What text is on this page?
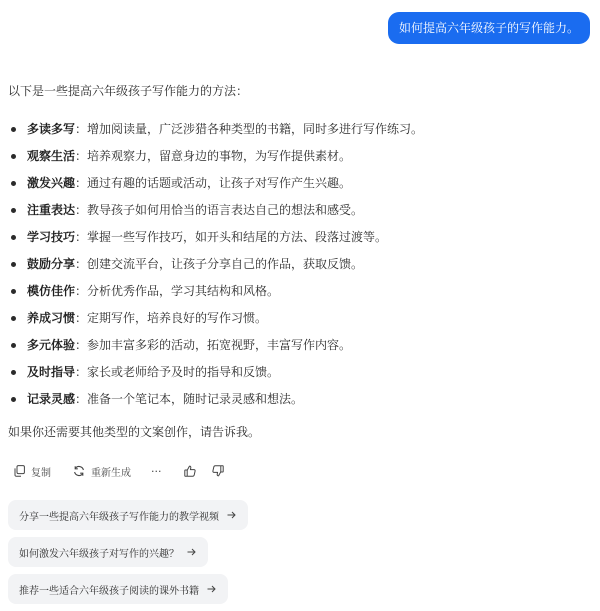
如何提高六年级孩子的写作能力。
以下是一些提高六年级孩子写作能力的方法：
多读多写：增加阅读量，广泛涉猎各种类型的书籍，同时多进行写作练习。
观察生活：培养观察力，留意身边的事物，为写作提供素材。
激发兴趣：通过有趣的话题或活动，让孩子对写作产生兴趣。
注重表达：教导孩子如何用恰当的语言表达自己的想法和感受。
学习技巧：掌握一些写作技巧，如开头和结尾的方法、段落过渡等。
鼓励分享：创建交流平台，让孩子分享自己的作品，获取反馈。
模仿佳作：分析优秀作品，学习其结构和风格。
养成习惯：定期写作，培养良好的写作习惯。
多元体验：参加丰富多彩的活动，拓宽视野，丰富写作内容。
及时指导：家长或老师给予及时的指导和反馈。
记录灵感：准备一个笔记本，随时记录灵感和想法。
如果你还需要其他类型的文案创作，请告诉我。
复制	重新生成 ···
分享一些提高六年级孩子写作能力的教学视频
如何激发六年级孩子对写作的兴趣？
推荐一些适合六年级孩子阅读的课外书籍
